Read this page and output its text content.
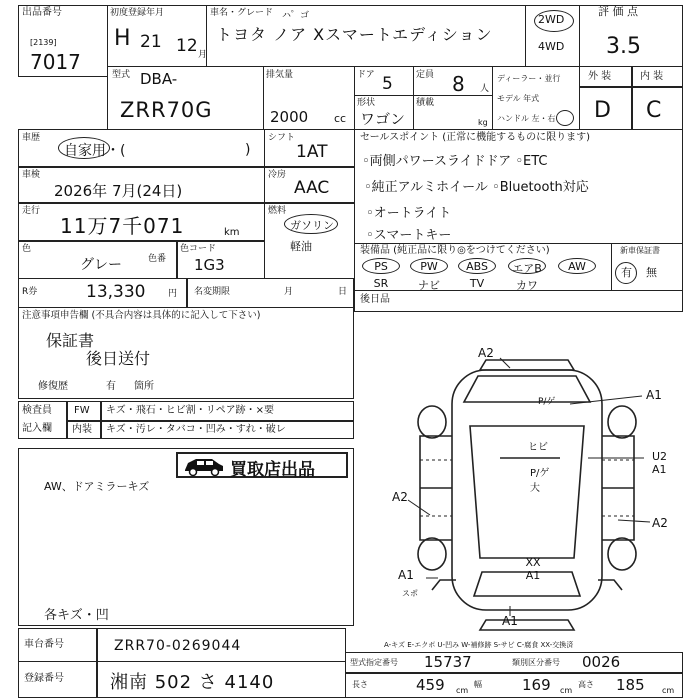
出品番号
[2139]
7017
初度登録年月
H 21 12 月
車名・グレード ハ゜ゴ
トヨタ ノア Xスマートエディション
2WD
4WD
評 価 点
3.5
型式 DBA-
ZRR70G
排気量
2000 cc
ドア 5	定員 8 人
形状
ワゴン
積載
kg
ディーラー・並行
モデル 年式
ハンドル 左・右
外 装	内 装
D C
車歴
自家用・(	)
車検
2026年 7月(24日)
走行
11万7千071	km
色
グレー	色番
色コード
1G3
R券	13,330	円 名変期限	月	日
注意事項申告欄 (不具合内容は具体的に記入して下さい)
保証書
後日送付
修復歴	有 箇所
シフト
1AT
冷房
AAC
燃料
ガソリン
軽油
セールスポイント (正常に機能するものに限ります)
◦両側パワースライドドア ◦ETC
◦純正アルミホイール ◦Bluetooth対応
◦オートライト
◦スマートキー
装備品 (純正品に限り◎をつけてください)
PS	PW	ABS	エアB	AW
SR	ナビ	TV	カワ
新車保証書
有 無
後日品
検査員
記入欄
FW
内装
キズ・飛石・ヒビ割・リペア跡・×要
キズ・汚レ・タバコ・凹み・すれ・破レ
AW、ドアミラーキズ
各キズ・凹
買取店出品
A2
P/ゲ	A1
ヒビ
U2 A1
P/ゲ 大
A2
A2
XX A1
A1
スポ
A1
A-キズ E-エクボ U-凹み W-補修跡 S-サビ C-腐食 XX-交換済
車台番号	ZRR70-0269044
登録番号	湘南 502 さ 4140
型式指定番号 15737	類別区分番号 0026
長さ	459 cm
幅	169 cm
高さ 185 cm
